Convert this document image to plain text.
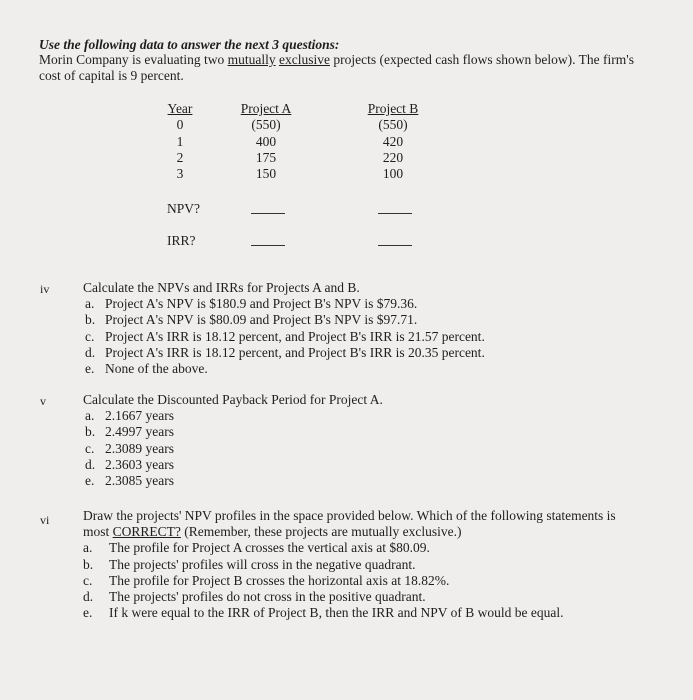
Use the following data to answer the next 3 questions:
Morin Company is evaluating two mutually exclusive projects (expected cash flows shown below). The firm's
cost of capital is 9 percent.
Year
0
1
2
3
Project A
(550)
400
175
150
Project B
(550)
420
220
100
NPV?
IRR?
iv Calculate the NPVs and IRRs for Projects A and B.
a. Project A's NPV is $180.9 and Project B's NPV is $79.36.
b. Project A's NPV is $80.09 and Project B's NPV is $97.71.
c. Project A's IRR is 18.12 percent, and Project B's IRR is 21.57 percent.
d. Project A's IRR is 18.12 percent, and Project B's IRR is 20.35 percent.
e. None of the above.
v	Calculate the Discounted Payback Period for Project A.
a. 2.1667 years
b. 2.4997 years
c. 2.3089 years
d. 2.3603 years
e. 2.3085 years
vi Draw the projects' NPV profiles in the space provided below. Which of the following statements is
most CORRECT? (Remember, these projects are mutually exclusive.)
a. The profile for Project A crosses the vertical axis at $80.09.
b. The projects' profiles will cross in the negative quadrant.
c. The profile for Project B crosses the horizontal axis at 18.82%.
d. The projects' profiles do not cross in the positive quadrant.
e. If k were equal to the IRR of Project B, then the IRR and NPV of B would be equal.
